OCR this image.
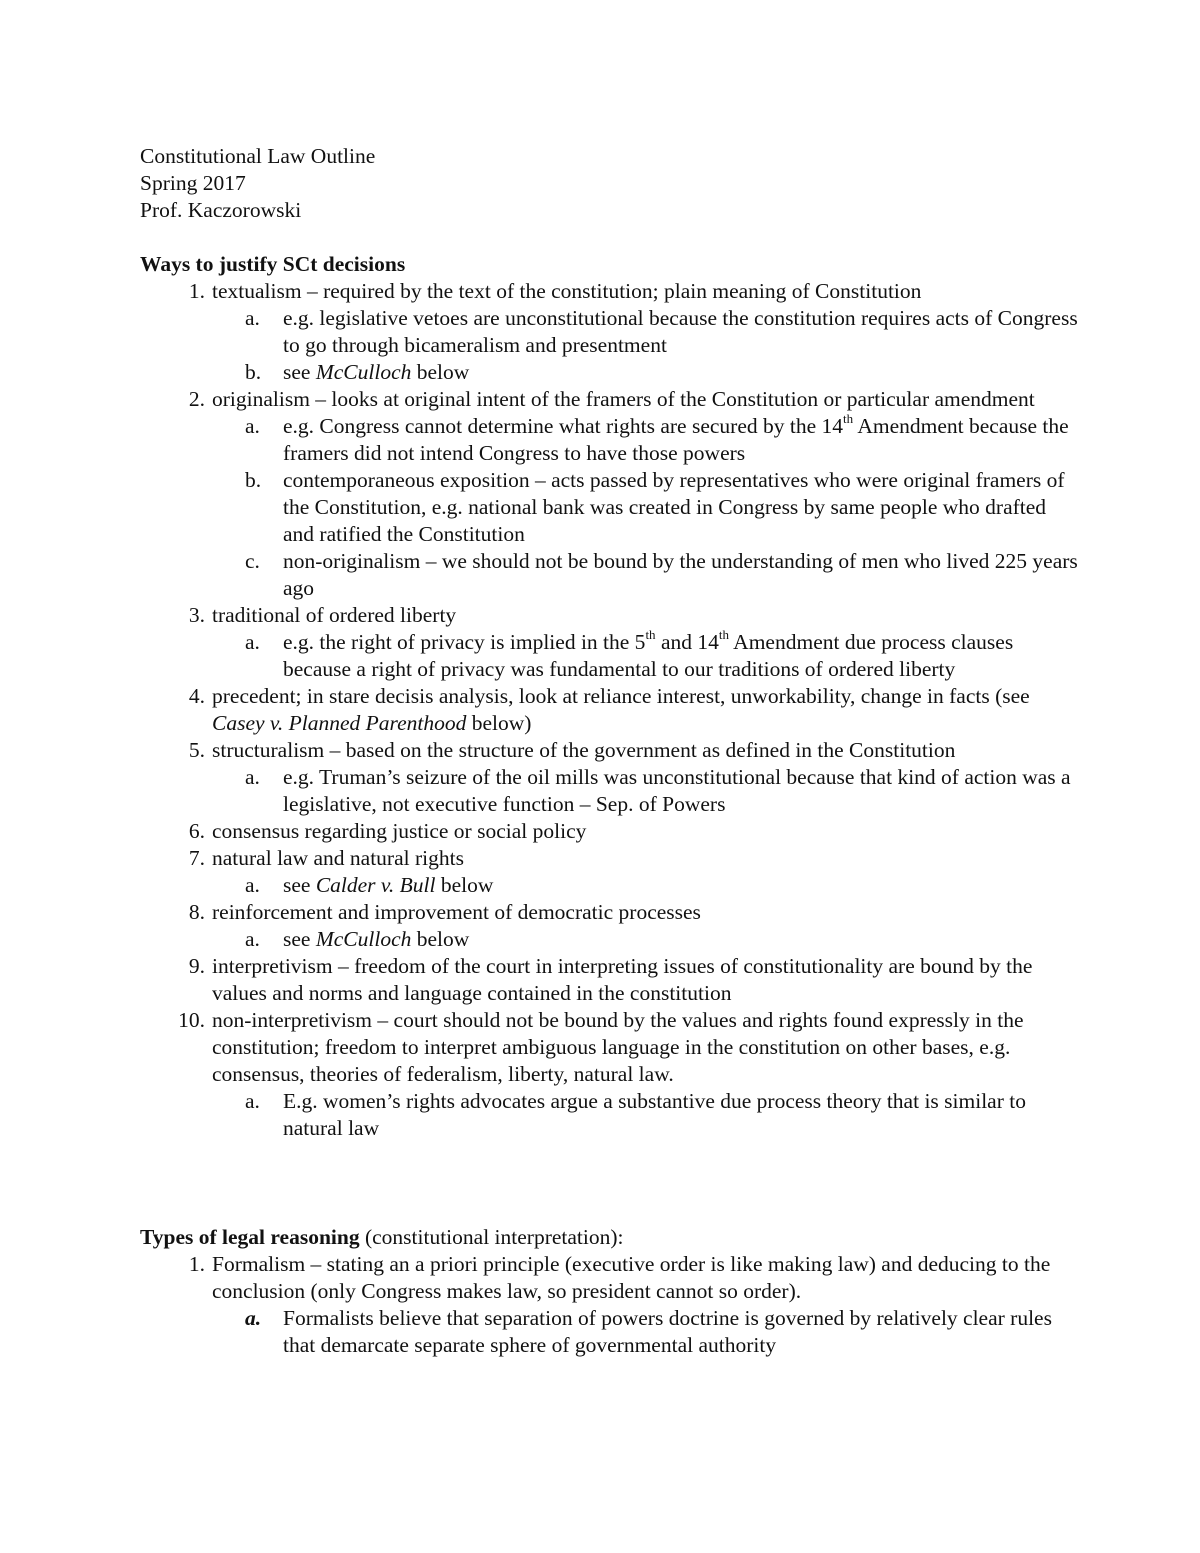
Constitutional Law Outline
Spring 2017
Prof. Kaczorowski
Ways to justify SCt decisions
1. textualism – required by the text of the constitution; plain meaning of Constitution
a. e.g. legislative vetoes are unconstitutional because the constitution requires acts of Congress to go through bicameralism and presentment
b. see McCulloch below
2. originalism – looks at original intent of the framers of the Constitution or particular amendment
a. e.g. Congress cannot determine what rights are secured by the 14th Amendment because the framers did not intend Congress to have those powers
b. contemporaneous exposition – acts passed by representatives who were original framers of the Constitution, e.g. national bank was created in Congress by same people who drafted and ratified the Constitution
c. non-originalism – we should not be bound by the understanding of men who lived 225 years ago
3. traditional of ordered liberty
a. e.g. the right of privacy is implied in the 5th and 14th Amendment due process clauses because a right of privacy was fundamental to our traditions of ordered liberty
4. precedent; in stare decisis analysis, look at reliance interest, unworkability, change in facts (see Casey v. Planned Parenthood below)
5. structuralism – based on the structure of the government as defined in the Constitution
a. e.g. Truman’s seizure of the oil mills was unconstitutional because that kind of action was a legislative, not executive function – Sep. of Powers
6. consensus regarding justice or social policy
7. natural law and natural rights
a. see Calder v. Bull below
8. reinforcement and improvement of democratic processes
a. see McCulloch below
9. interpretivism – freedom of the court in interpreting issues of constitutionality are bound by the values and norms and language contained in the constitution
10. non-interpretivism – court should not be bound by the values and rights found expressly in the constitution; freedom to interpret ambiguous language in the constitution on other bases, e.g. consensus, theories of federalism, liberty, natural law.
a. E.g. women’s rights advocates argue a substantive due process theory that is similar to natural law
Types of legal reasoning (constitutional interpretation):
1. Formalism – stating an a priori principle (executive order is like making law) and deducing to the conclusion (only Congress makes law, so president cannot so order).
a. Formalists believe that separation of powers doctrine is governed by relatively clear rules that demarcate separate sphere of governmental authority
